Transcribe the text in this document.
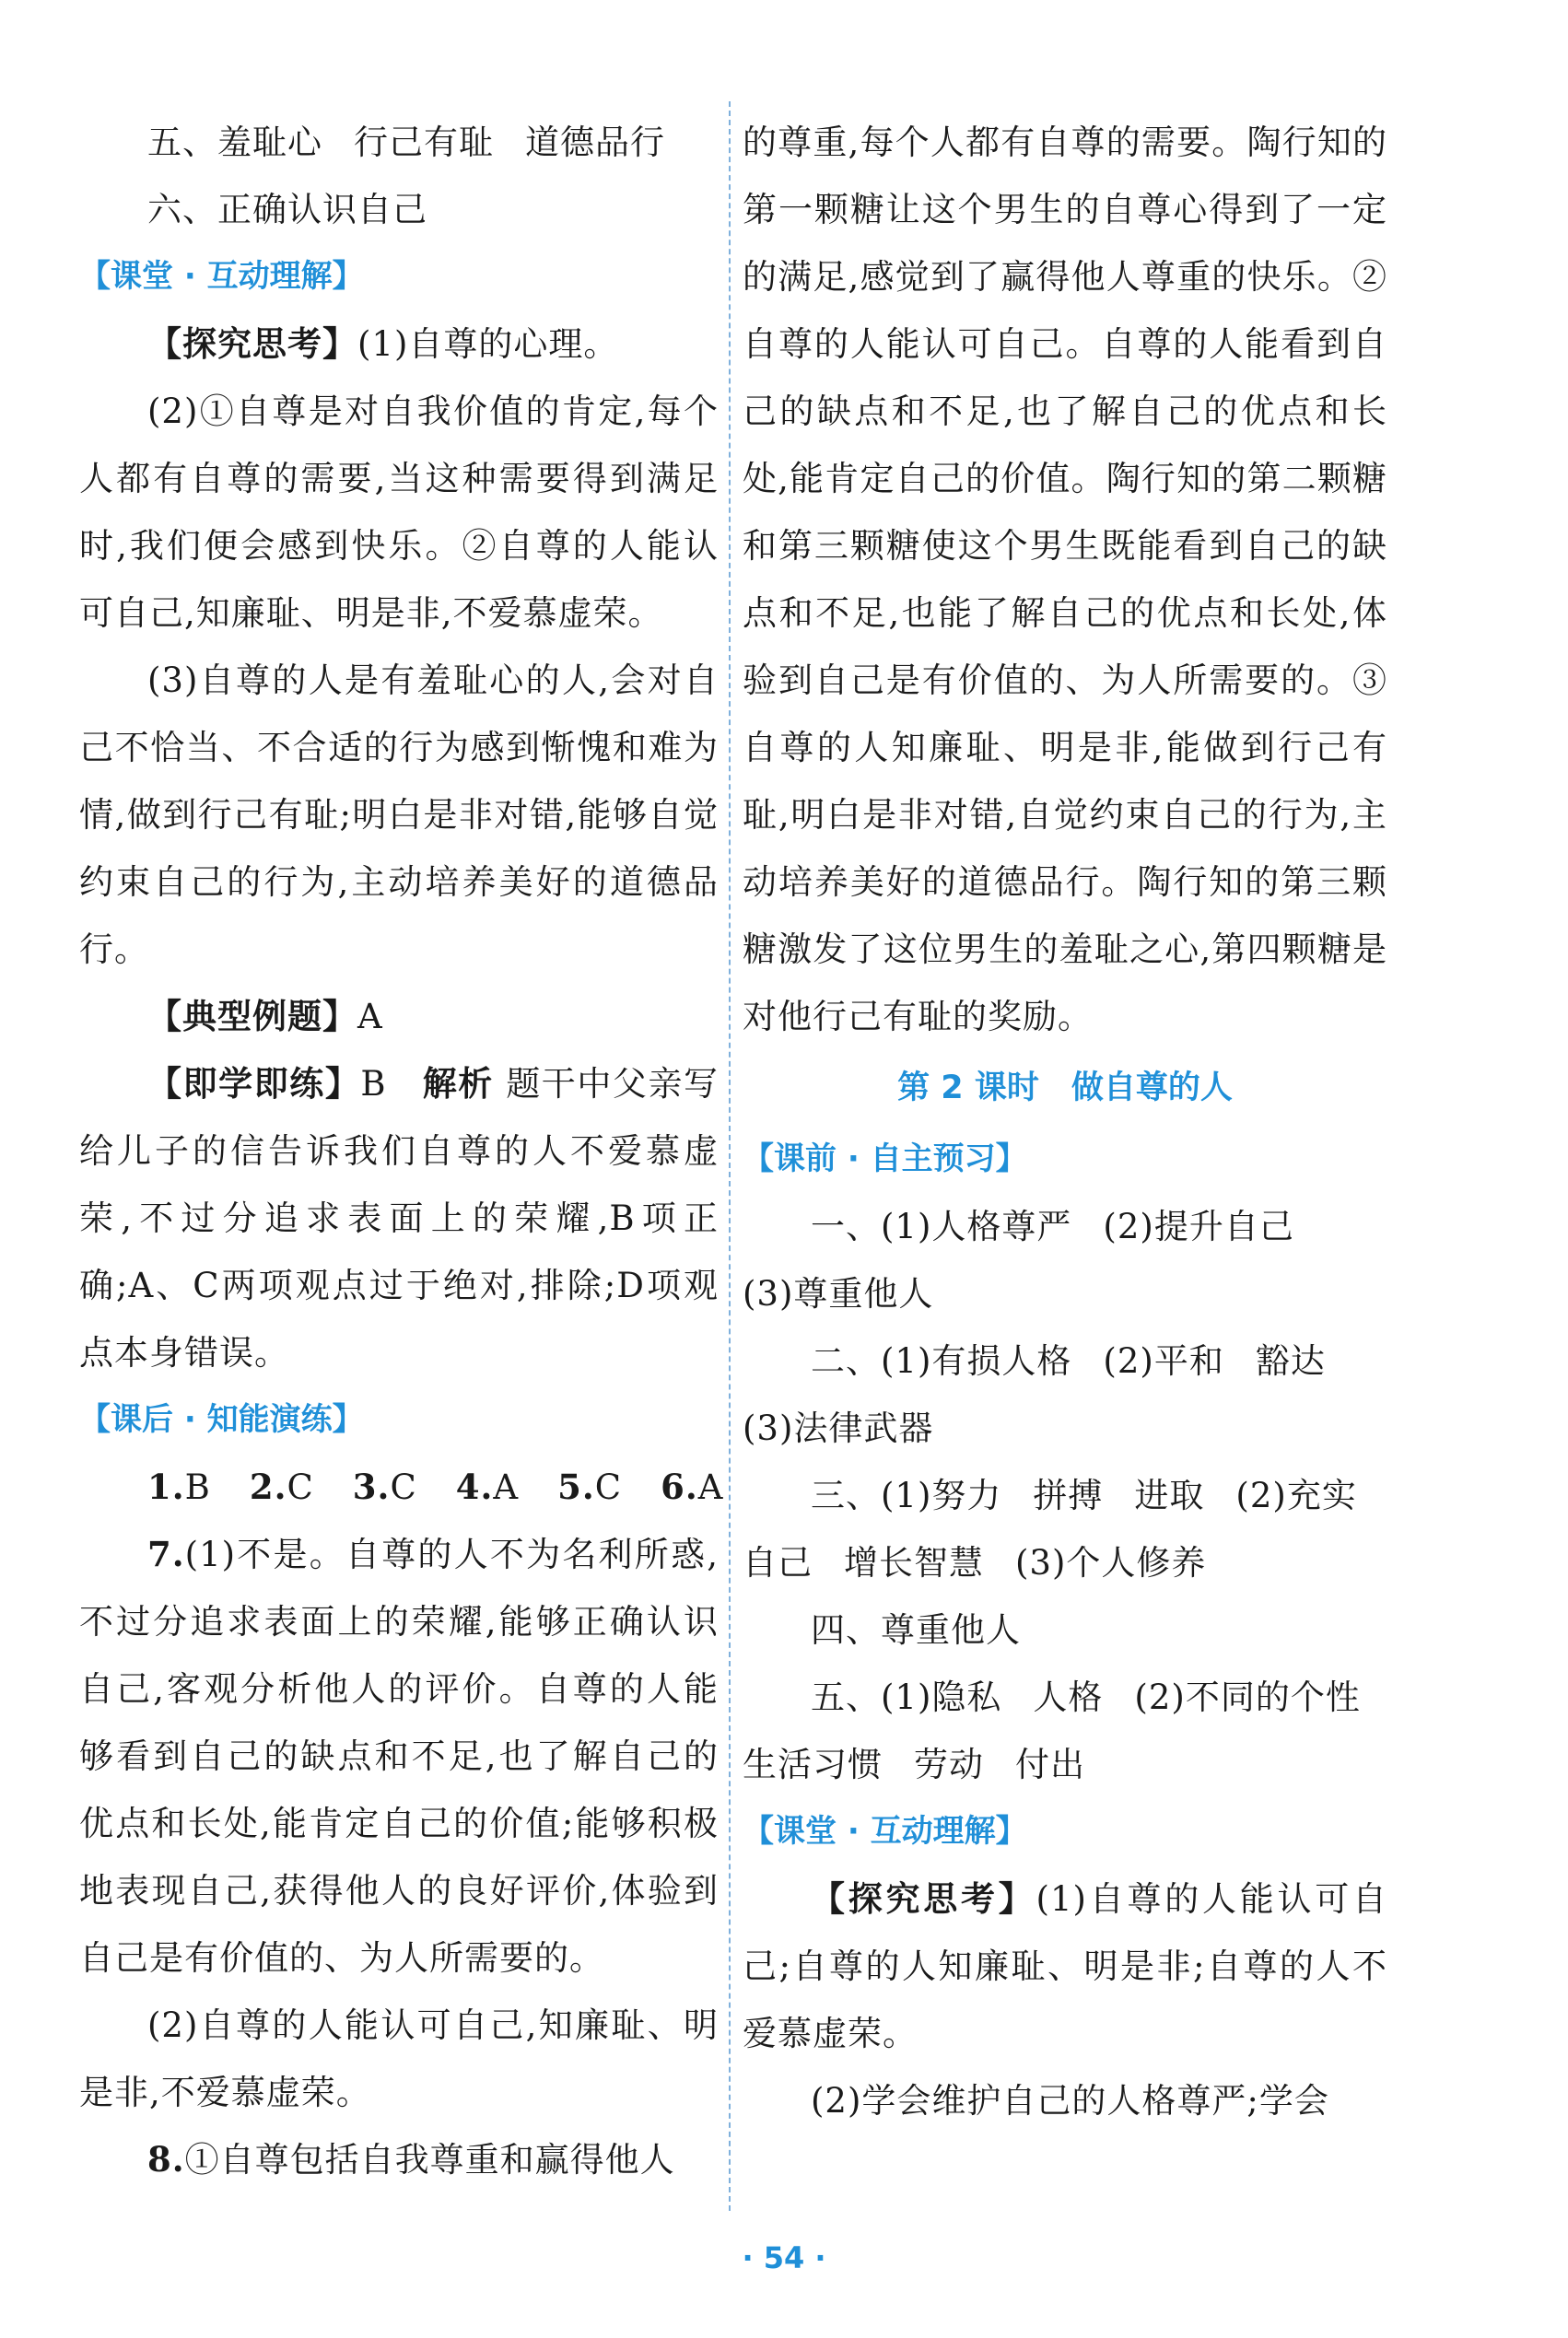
五、羞耻心 行己有耻 道德品行

六、正确认识自己

【课堂 · 互动理解】

【探究思考】(1)自尊的心理。

(2)①自尊是对自我价值的肯定,每个人都有自尊的需要,当这种需要得到满足时,我们便会感到快乐。②自尊的人能认可自己,知廉耻、明是非,不爱慕虚荣。

(3)自尊的人是有羞耻心的人,会对自己不恰当、不合适的行为感到惭愧和难为情,做到行己有耻;明白是非对错,能够自觉约束自己的行为,主动培养美好的道德品行。

【典型例题】A

【即学即练】B　 解析 题干中父亲写给儿子的信告诉我们自尊的人不爱慕虚荣,不过分追求表面上的荣耀,B项正确;A、C两项观点过于绝对,排除;D项观点本身错误。

【课后 · 知能演练】

1.B 2.C 3.C 4.A 5.C 6.A

7.(1)不是。自尊的人不为名利所惑,不过分追求表面上的荣耀,能够正确认识自己,客观分析他人的评价。自尊的人能够看到自己的缺点和不足,也了解自己的优点和长处,能肯定自己的价值;能够积极地表现自己,获得他人的良好评价,体验到自己是有价值的、为人所需要的。

(2)自尊的人能认可自己,知廉耻、明是非,不爱慕虚荣。

8.①自尊包括自我尊重和赢得他人

的尊重,每个人都有自尊的需要。陶行知的第一颗糖让这个男生的自尊心得到了一定的满足,感觉到了赢得他人尊重的快乐。②自尊的人能认可自己。自尊的人能看到自己的缺点和不足,也了解自己的优点和长处,能肯定自己的价值。陶行知的第二颗糖和第三颗糖使这个男生既能看到自己的缺点和不足,也能了解自己的优点和长处,体验到自己是有价值的、为人所需要的。③自尊的人知廉耻、明是非,能做到行己有耻,明白是非对错,自觉约束自己的行为,主动培养美好的道德品行。陶行知的第三颗糖激发了这位男生的羞耻之心,第四颗糖是对他行己有耻的奖励。

第 2 课时　做自尊的人

【课前 · 自主预习】

一、(1)人格尊严 (2)提升自己

(3)尊重他人

二、(1)有损人格 (2)平和 豁达

(3)法律武器

三、(1)努力 拼搏 进取 (2)充实

自己 增长智慧 (3)个人修养

四、尊重他人

五、(1)隐私 人格 (2)不同的个性

生活习惯 劳动 付出

【课堂 · 互动理解】

【探究思考】(1)自尊的人能认可自己;自尊的人知廉耻、明是非;自尊的人不爱慕虚荣。

(2)学会维护自己的人格尊严;学会

· 54 ·
